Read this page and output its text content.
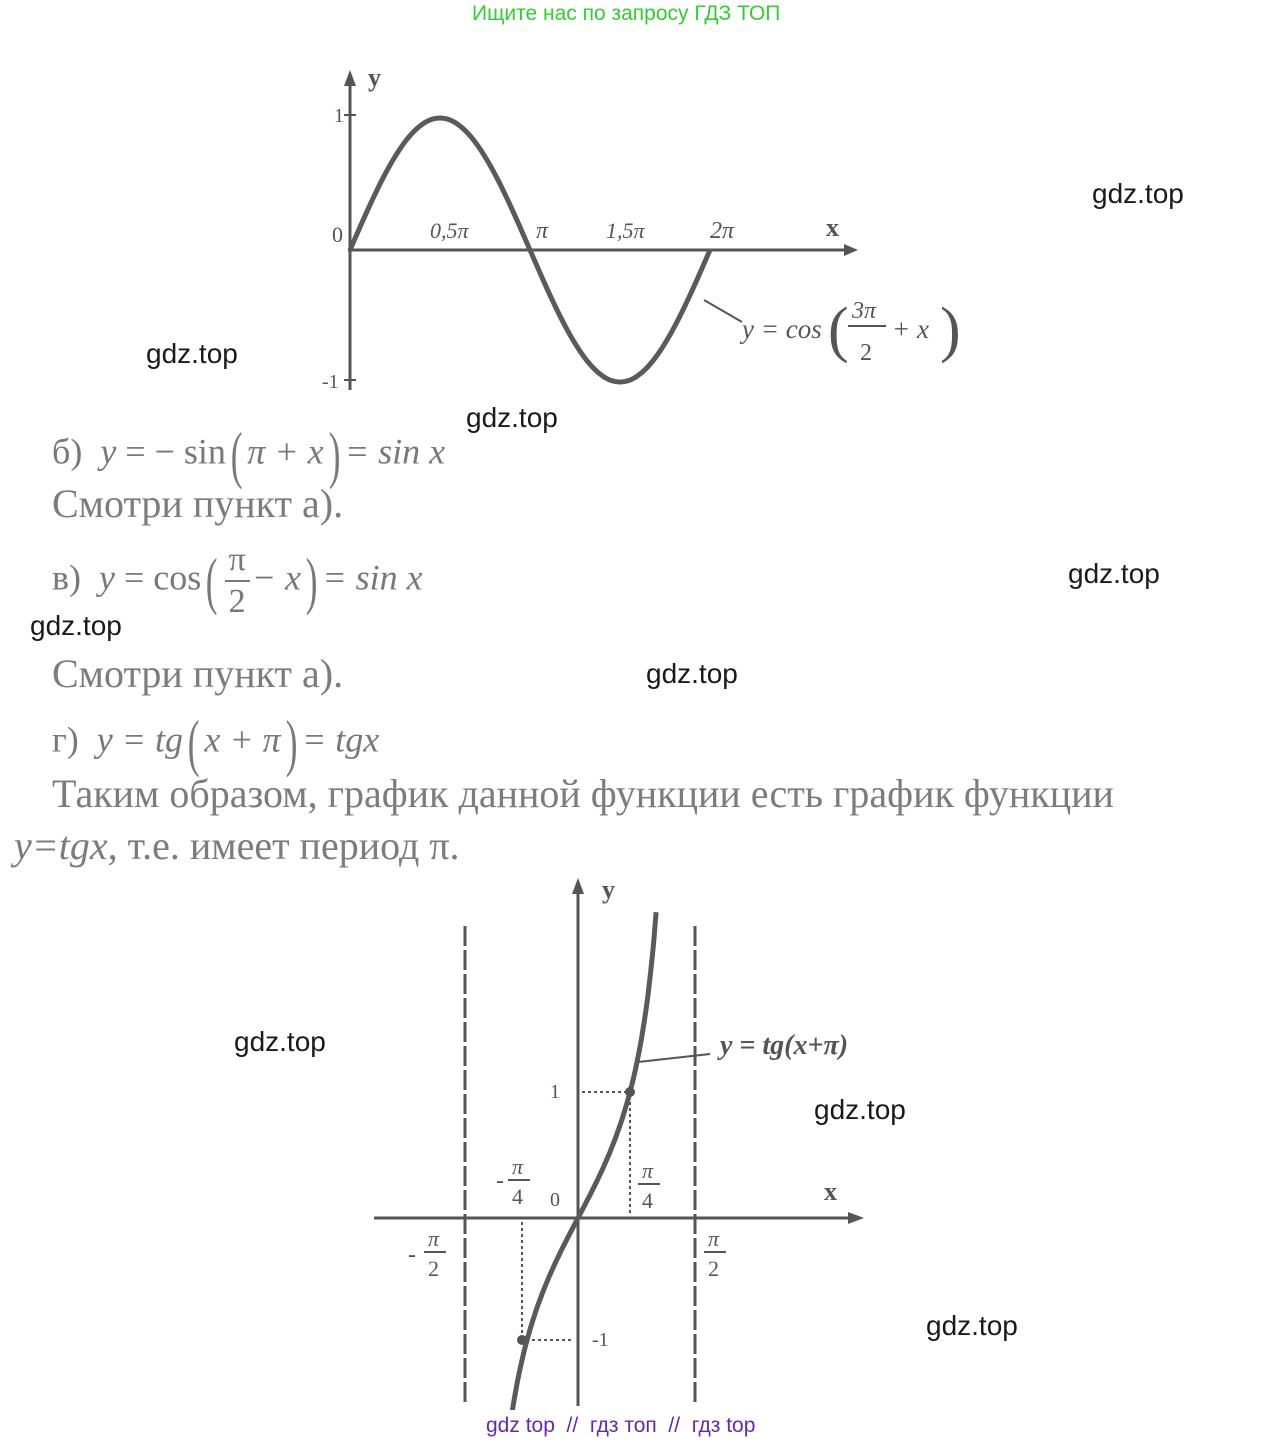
Ищите нас по запросу ГДЗ ТОП
y
x
1
-1
0	0,5π	π	1,5π	2π
y = cos ( 3π
2
+ x )
б) y = − sin( π + x) = sin x
Смотри пункт а).
в) $y = \cos( \frac{\pi}{2} - x) = \sin x$
Смотри пункт а).
г) y = tg( x + π) = tgx
Таким образом, график данной функции есть график функции
y=tgx, т.е. имеет период π.
y
x
0
1
-1
-
π
4
π
4
-
π
2
π
2
y = tg(x+π)
gdz.top
gdz.top
gdz.top
gdz.top
gdz.top
gdz.top
gdz.top
gdz.top
gdz.top
gdz top  //  гдз топ  //  гдз top
